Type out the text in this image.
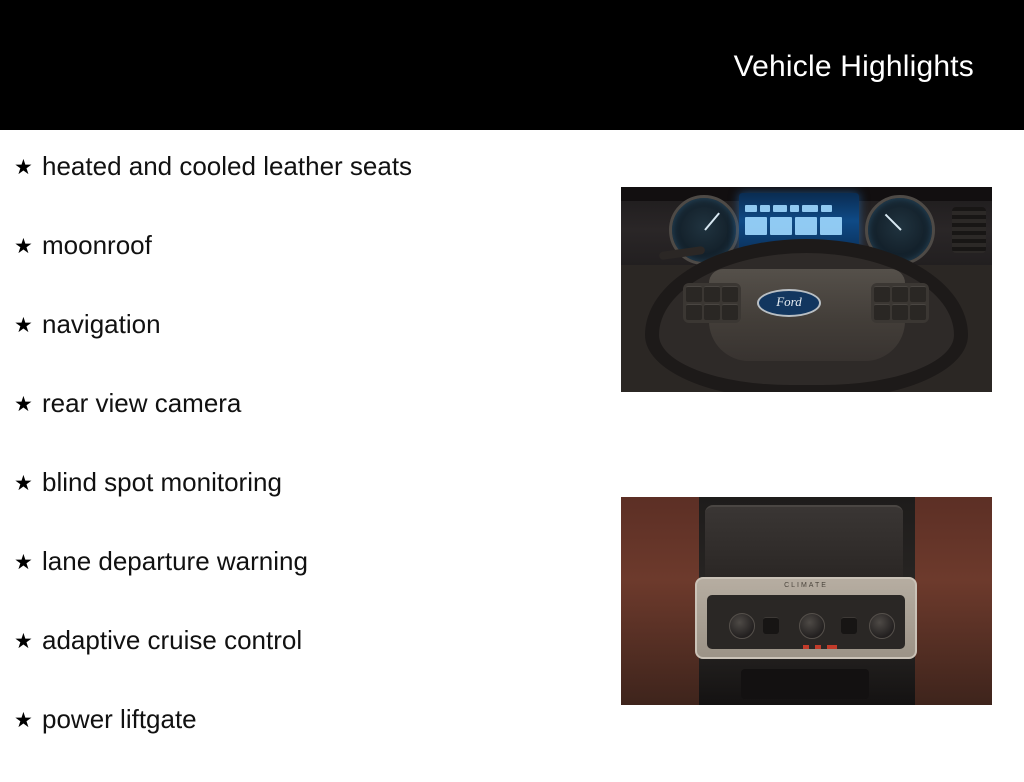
Vehicle Highlights
★ heated and cooled leather seats
★ moonroof
★ navigation
★ rear view camera
★ blind spot monitoring
★ lane departure warning
★ adaptive cruise control
★ power liftgate
Ford
CLIMATE
